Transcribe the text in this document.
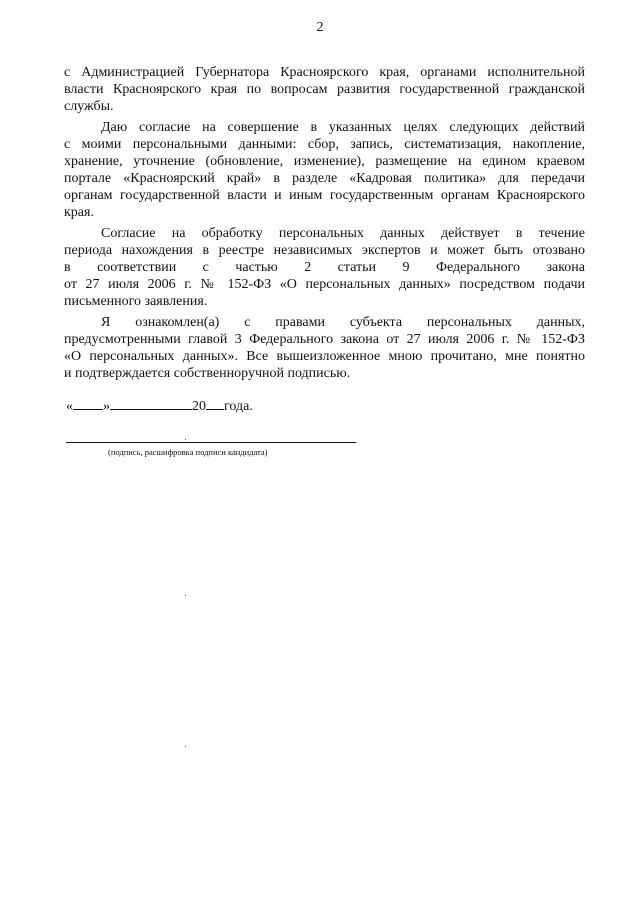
2

с Администрацией Губернатора Красноярского края, органами исполнительной
власти Красноярского края по вопросам развития государственной гражданской
службы.

Даю согласие на совершение в указанных целях следующих действий
с моими персональными данными: сбор, запись, систематизация, накопление,
хранение, уточнение (обновление, изменение), размещение на едином краевом
портале «Красноярский край» в разделе «Кадровая политика» для передачи
органам государственной власти и иным государственным органам Красноярского
края.

Согласие на обработку персональных данных действует в течение
периода нахождения в реестре независимых экспертов и может быть отозвано
в соответствии с частью 2 статьи 9 Федерального закона
от 27 июля 2006 г. № 152-ФЗ «О персональных данных» посредством подачи
письменного заявления.

Я ознакомлен(а) с правами субъекта персональных данных,
предусмотренными главой 3 Федерального закона от 27 июля 2006 г. № 152-ФЗ
«О персональных данных». Все вышеизложенное мною прочитано, мне понятно
и подтверждается собственноручной подписью.

« »	20 года.
(подпись, расшифровка подписи кандидата)
